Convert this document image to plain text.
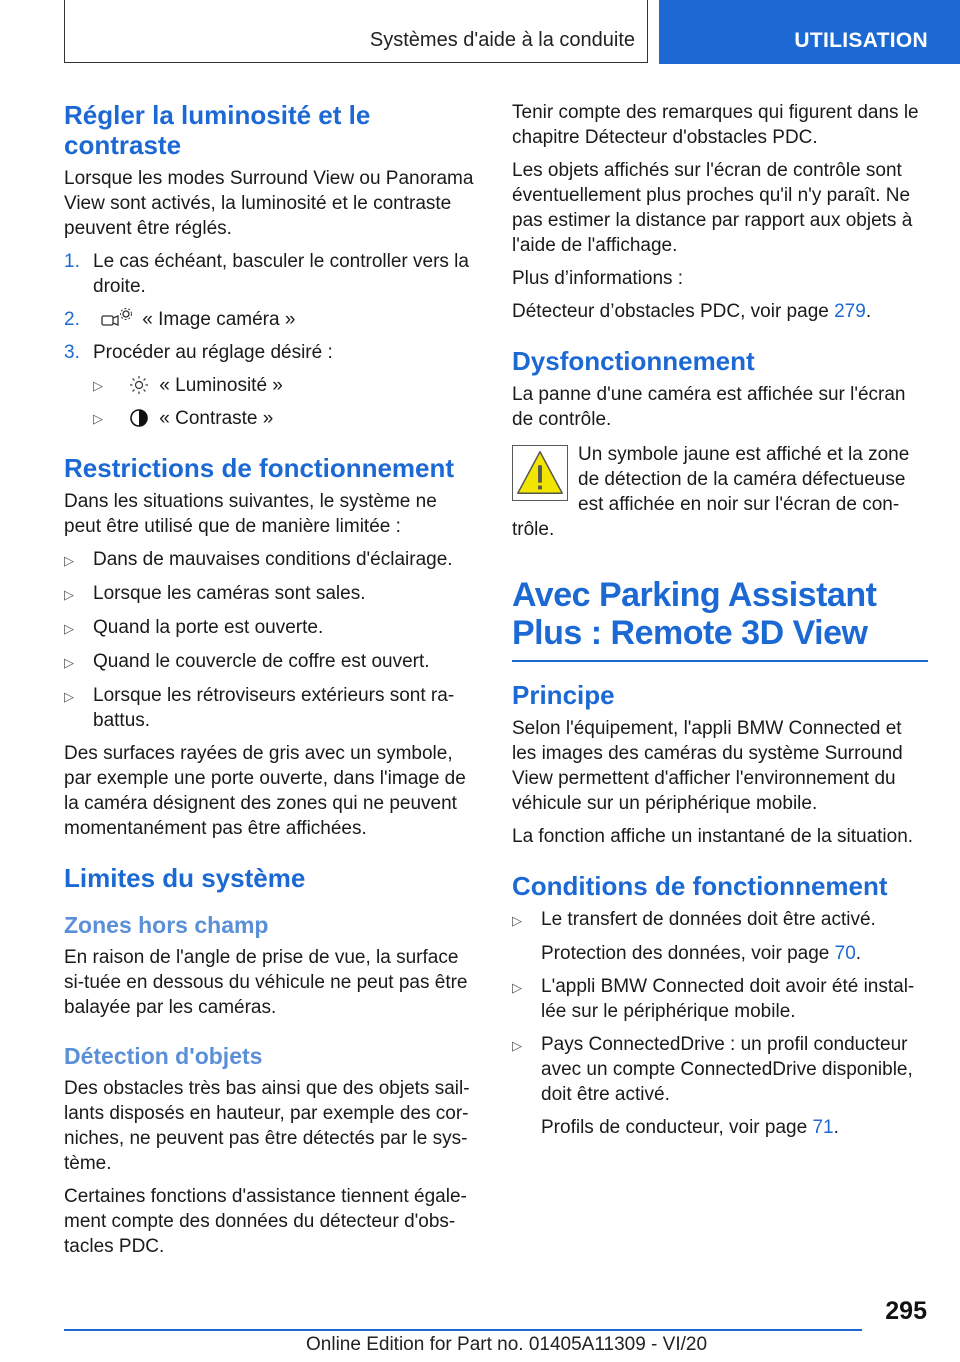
Systèmes d'aide à la conduite	UTILISATION
Régler la luminosité et le contraste

Lorsque les modes Surround View ou Panorama View sont activés, la luminosité et le contraste peuvent être réglés.

1. Le cas échéant, basculer le controller vers la droite.
2.	« Image caméra »
3. Procéder au réglage désiré :
▷	« Luminosité »
▷	« Contraste »
Restrictions de fonctionnement

Dans les situations suivantes, le système ne peut être utilisé que de manière limitée :

▷	Dans de mauvaises conditions d'éclairage.
▷	Lorsque les caméras sont sales.
▷	Quand la porte est ouverte.
▷	Quand le couvercle de coffre est ouvert.
▷	Lorsque les rétroviseurs extérieurs sont ra-battus.

Des surfaces rayées de gris avec un symbole, par exemple une porte ouverte, dans l'image de la caméra désignent des zones qui ne peuvent momentanément pas être affichées.

Limites du système
Zones hors champ

En raison de l'angle de prise de vue, la surface si-tuée en dessous du véhicule ne peut pas être balayée par les caméras.

Détection d'objets

Des obstacles très bas ainsi que des objets sail-lants disposés en hauteur, par exemple des cor-niches, ne peuvent pas être détectés par le sys-tème.

Certaines fonctions d'assistance tiennent égale-ment compte des données du détecteur d'obs-tacles PDC.

Tenir compte des remarques qui figurent dans le chapitre Détecteur d'obstacles PDC.

Les objets affichés sur l'écran de contrôle sont éventuellement plus proches qu'il n'y paraît. Ne pas estimer la distance par rapport aux objets à l'aide de l'affichage.

Plus d’informations :

Détecteur d’obstacles PDC, voir page 279.

Dysfonctionnement

La panne d'une caméra est affichée sur l'écran de contrôle.

Un symbole jaune est affiché et la zone de détection de la caméra défectueuse est affichée en noir sur l'écran de con-trôle.

Avec Parking Assistant Plus : Remote 3D View
Principe

Selon l'équipement, l'appli BMW Connected et les images des caméras du système Surround View permettent d'afficher l'environnement du véhicule sur un périphérique mobile.

La fonction affiche un instantané de la situation.

Conditions de fonctionnement
▷	Le transfert de données doit être activé.

Protection des données, voir page 70.

▷	L'appli BMW Connected doit avoir été instal-lée sur le périphérique mobile.
▷	Pays ConnectedDrive : un profil conducteur avec un compte ConnectedDrive disponible, doit être activé.

Profils de conducteur, voir page 71.

295
Online Edition for Part no. 01405A11309 - VI/20
